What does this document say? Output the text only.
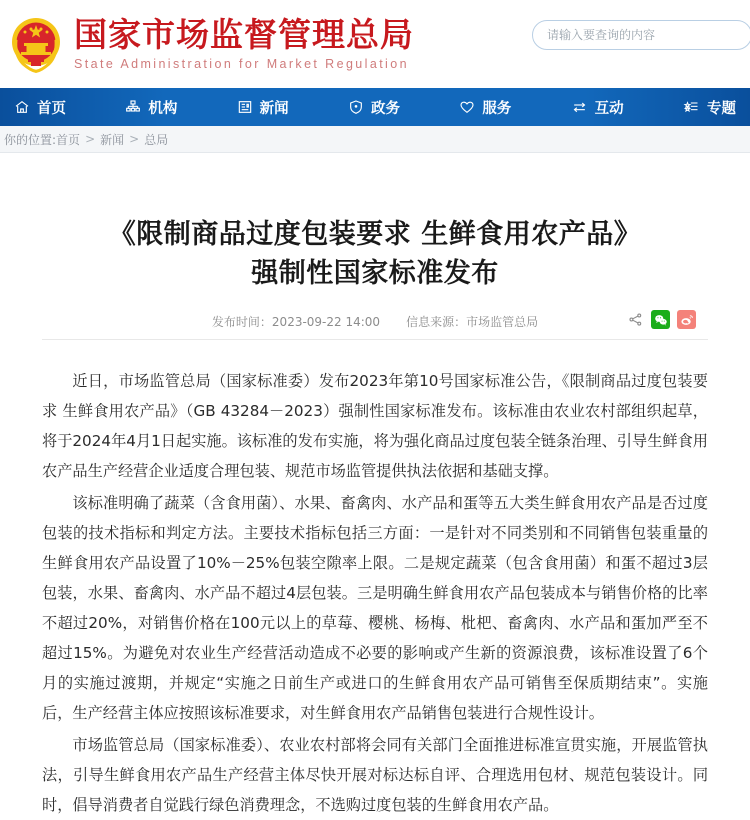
国家市场监督管理总局
State Administration for Market Regulation
请输入要查询的内容
首页	机构	新闻	政务	服务	互动	专题
你的位置: 首页 > 新闻 > 总局
《限制商品过度包装要求 生鲜食用农产品》
强制性国家标准发布
发布时间：2023-09-22 14:00 信息来源：市场监管总局

近日，市场监管总局（国家标准委）发布2023年第10号国家标准公告，《限制商品过度包装要求 生鲜食用农产品》（GB 43284－2023）强制性国家标准发布。该标准由农业农村部组织起草，将于2024年4月1日起实施。该标准的发布实施，将为强化商品过度包装全链条治理、引导生鲜食用农产品生产经营企业适度合理包装、规范市场监管提供执法依据和基础支撑。

该标准明确了蔬菜（含食用菌）、水果、畜禽肉、水产品和蛋等五大类生鲜食用农产品是否过度包装的技术指标和判定方法。主要技术指标包括三方面：一是针对不同类别和不同销售包装重量的生鲜食用农产品设置了10%－25%包装空隙率上限。二是规定蔬菜（包含食用菌）和蛋不超过3层包装，水果、畜禽肉、水产品不超过4层包装。三是明确生鲜食用农产品包装成本与销售价格的比率不超过20%，对销售价格在100元以上的草莓、樱桃、杨梅、枇杷、畜禽肉、水产品和蛋加严至不超过15%。为避免对农业生产经营活动造成不必要的影响或产生新的资源浪费，该标准设置了6个月的实施过渡期，并规定“实施之日前生产或进口的生鲜食用农产品可销售至保质期结束”。实施后，生产经营主体应按照该标准要求，对生鲜食用农产品销售包装进行合规性设计。

市场监管总局（国家标准委）、农业农村部将会同有关部门全面推进标准宣贯实施，开展监管执法，引导生鲜食用农产品生产经营主体尽快开展对标达标自评、合理选用包材、规范包装设计。同时，倡导消费者自觉践行绿色消费理念，不选购过度包装的生鲜食用农产品。
